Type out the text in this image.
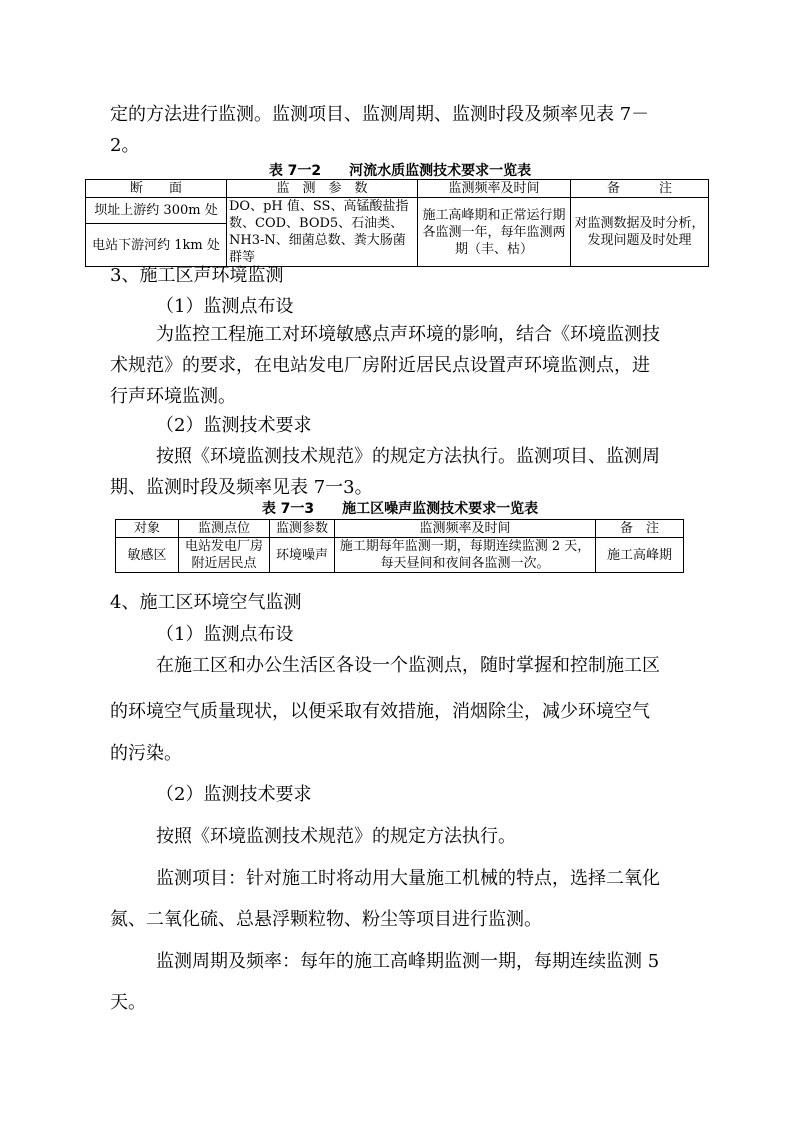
定的方法进行监测。监测项目、监测周期、监测时段及频率见表 7－
2。
表 7一2　　河流水质监测技术要求一览表
断　　面	监　测　参　数	监测频率及时间	备　　　注
坝址上游约 300m 处	DO、pH 值、SS、高锰酸盐指数、COD、BOD5、石油类、NH3-N、细菌总数、粪大肠菌群等	施工高峰期和正常运行期各监测一年，每年监测两期（丰、枯）	对监测数据及时分析，发现问题及时处理
电站下游河约 1km 处			
3、施工区声环境监测
（1）监测点布设
为监控工程施工对环境敏感点声环境的影响，结合《环境监测技
术规范》的要求，在电站发电厂房附近居民点设置声环境监测点，进
行声环境监测。
（2）监测技术要求
按照《环境监测技术规范》的规定方法执行。监测项目、监测周
期、监测时段及频率见表 7一3。
表 7一3　　施工区噪声监测技术要求一览表
对象	监测点位	监测参数	监测频率及时间	备　注
敏感区	电站发电厂房附近居民点	环境噪声	施工期每年监测一期，每期连续监测 2 天，每天昼间和夜间各监测一次。	施工高峰期
4、施工区环境空气监测
（1）监测点布设
在施工区和办公生活区各设一个监测点，随时掌握和控制施工区
的环境空气质量现状，以便采取有效措施，消烟除尘，减少环境空气
的污染。
（2）监测技术要求
按照《环境监测技术规范》的规定方法执行。
监测项目：针对施工时将动用大量施工机械的特点，选择二氧化
氮、二氧化硫、总悬浮颗粒物、粉尘等项目进行监测。
监测周期及频率：每年的施工高峰期监测一期，每期连续监测 5
天。
